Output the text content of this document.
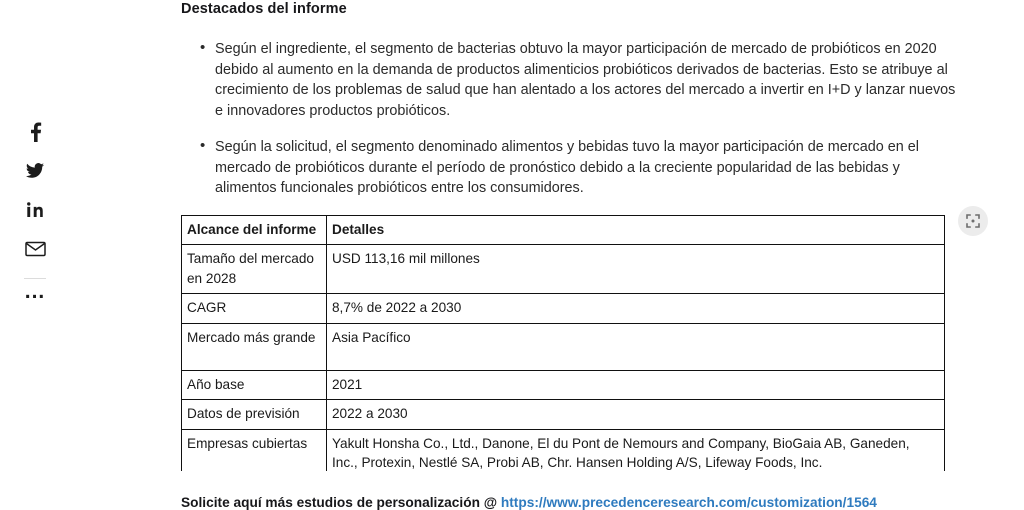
...
Destacados del informe
• Según el ingrediente, el segmento de bacterias obtuvo la mayor participación de mercado de probióticos en 2020 debido al aumento en la demanda de productos alimenticios probióticos derivados de bacterias. Esto se atribuye al crecimiento de los problemas de salud que han alentado a los actores del mercado a invertir en I+D y lanzar nuevos e innovadores productos probióticos.
• Según la solicitud, el segmento denominado alimentos y bebidas tuvo la mayor participación de mercado en el mercado de probióticos durante el período de pronóstico debido a la creciente popularidad de las bebidas y alimentos funcionales probióticos entre los consumidores.
Alcance del informe	Detalles
Tamaño del mercado en 2028	USD 113,16 mil millones
CAGR	8,7% de 2022 a 2030
Mercado más grande	Asia Pacífico
Año base	2021
Datos de previsión	2022 a 2030
Empresas cubiertas	Yakult Honsha Co., Ltd., Danone, El du Pont de Nemours and Company, BioGaia AB, Ganeden, Inc., Protexin, Nestlé SA, Probi AB, Chr. Hansen Holding A/S, Lifeway Foods, Inc.
Solicite aquí más estudios de personalización @ https://www.precedenceresearch.com/customization/1564
